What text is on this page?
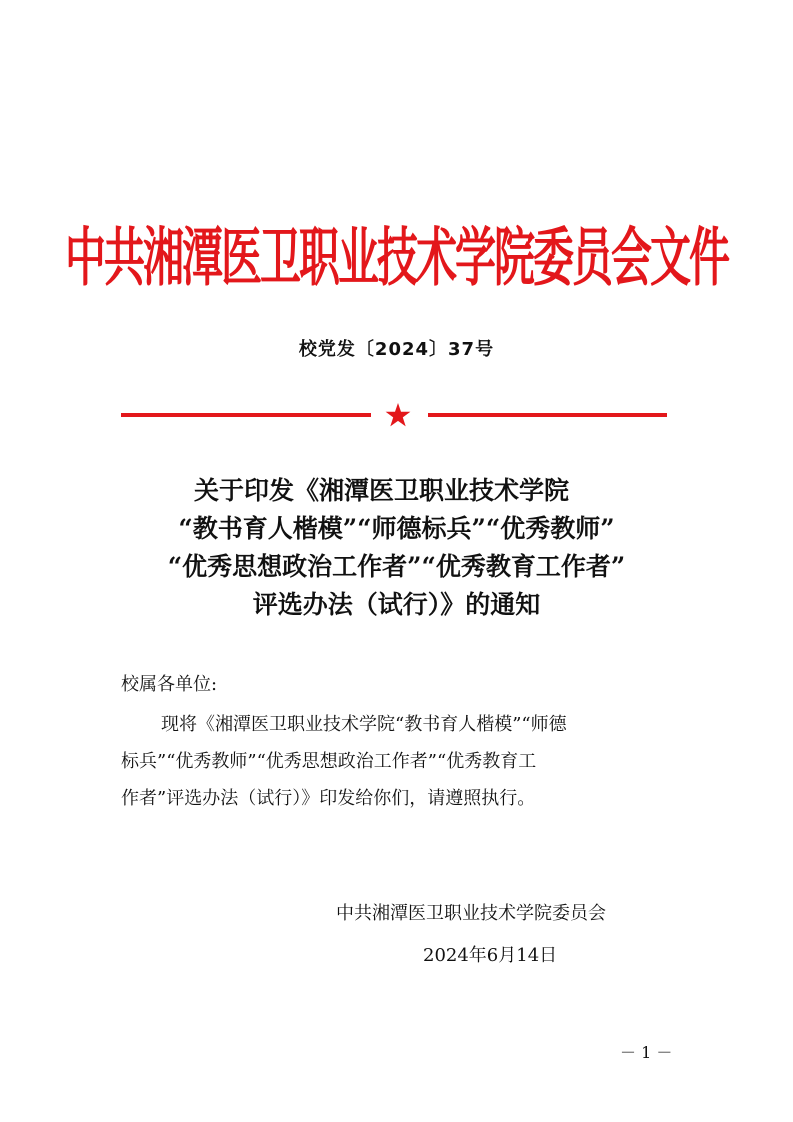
中共湘潭医卫职业技术学院委员会文件
校党发〔2024〕37号
关于印发《湘潭医卫职业技术学院
“教书育人楷模”“师德标兵”“优秀教师”
“优秀思想政治工作者”“优秀教育工作者”
评选办法（试行）》的通知
校属各单位:
现将《湘潭医卫职业技术学院“教书育人楷模”“师德
标兵”“优秀教师”“优秀思想政治工作者”“优秀教育工
作者”评选办法（试行）》印发给你们，请遵照执行。
中共湘潭医卫职业技术学院委员会
2024年6月14日
－ 1 －
